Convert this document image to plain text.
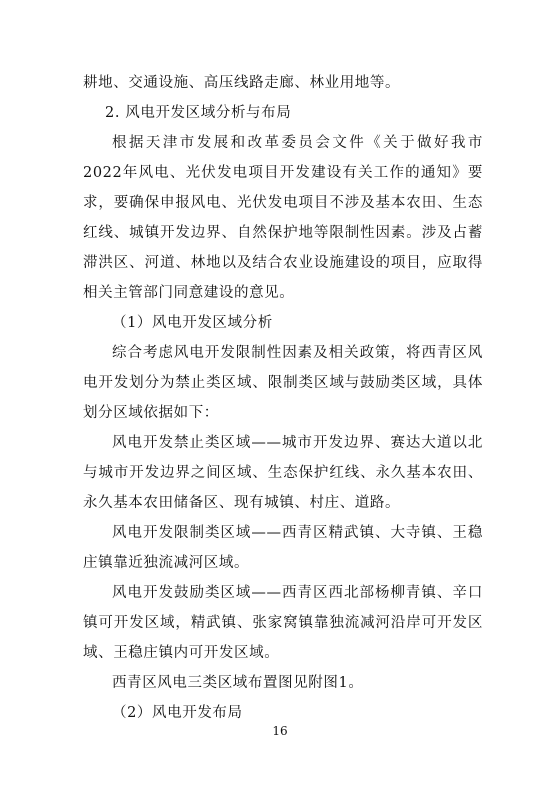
耕地、交通设施、高压线路走廊、林业用地等。

2. 风电开发区域分析与布局

根据天津市发展和改革委员会文件《关于做好我市2022年风电、光伏发电项目开发建设有关工作的通知》要求，要确保申报风电、光伏发电项目不涉及基本农田、生态红线、城镇开发边界、自然保护地等限制性因素。涉及占蓄滞洪区、河道、林地以及结合农业设施建设的项目，应取得相关主管部门同意建设的意见。

（1）风电开发区域分析

综合考虑风电开发限制性因素及相关政策，将西青区风电开发划分为禁止类区域、限制类区域与鼓励类区域，具体划分区域依据如下：

风电开发禁止类区域——城市开发边界、赛达大道以北与城市开发边界之间区域、生态保护红线、永久基本农田、永久基本农田储备区、现有城镇、村庄、道路。

风电开发限制类区域——西青区精武镇、大寺镇、王稳庄镇靠近独流减河区域。

风电开发鼓励类区域——西青区西北部杨柳青镇、辛口镇可开发区域，精武镇、张家窝镇靠独流减河沿岸可开发区域、王稳庄镇内可开发区域。

西青区风电三类区域布置图见附图1。

（2）风电开发布局

16
